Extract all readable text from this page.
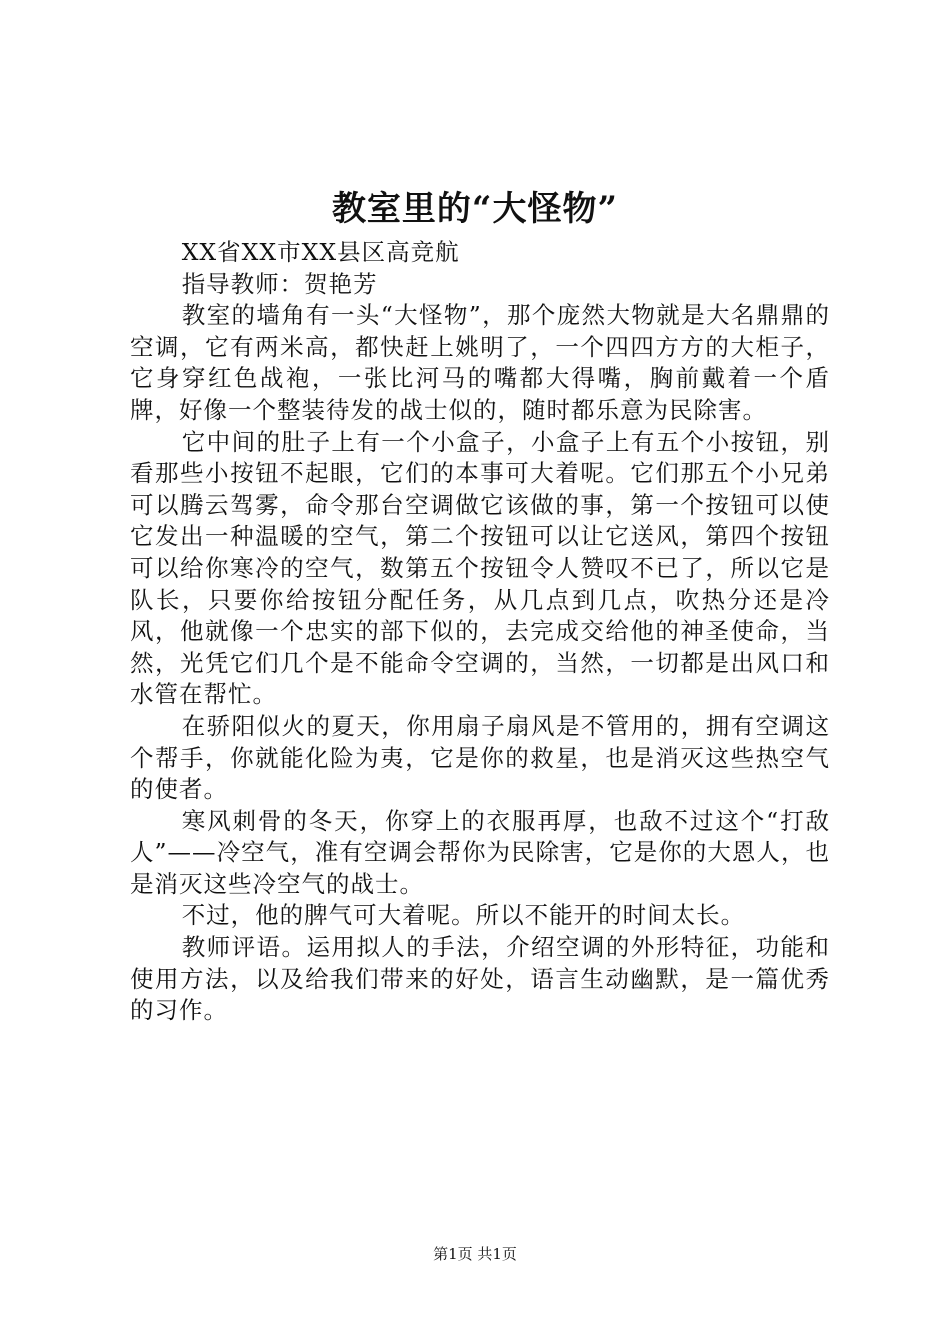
教室里的“大怪物”

XX省XX市XX县区高竞航

指导教师：贺艳芳

教室的墙角有一头“大怪物”，那个庞然大物就是大名鼎鼎的空调，它有两米高，都快赶上姚明了，一个四四方方的大柜子，它身穿红色战袍，一张比河马的嘴都大得嘴，胸前戴着一个盾牌，好像一个整装待发的战士似的，随时都乐意为民除害。

它中间的肚子上有一个小盒子，小盒子上有五个小按钮，别看那些小按钮不起眼，它们的本事可大着呢。它们那五个小兄弟可以腾云驾雾，命令那台空调做它该做的事，第一个按钮可以使它发出一种温暖的空气，第二个按钮可以让它送风，第四个按钮可以给你寒冷的空气，数第五个按钮令人赞叹不已了，所以它是队长，只要你给按钮分配任务，从几点到几点，吹热分还是冷风，他就像一个忠实的部下似的，去完成交给他的神圣使命，当然，光凭它们几个是不能命令空调的，当然，一切都是出风口和水管在帮忙。

在骄阳似火的夏天，你用扇子扇风是不管用的，拥有空调这个帮手，你就能化险为夷，它是你的救星，也是消灭这些热空气的使者。

寒风刺骨的冬天，你穿上的衣服再厚，也敌不过这个“打敌人”——冷空气，准有空调会帮你为民除害，它是你的大恩人，也是消灭这些冷空气的战士。

不过，他的脾气可大着呢。所以不能开的时间太长。

教师评语。运用拟人的手法，介绍空调的外形特征，功能和使用方法，以及给我们带来的好处，语言生动幽默，是一篇优秀的习作。

第1页 共1页
